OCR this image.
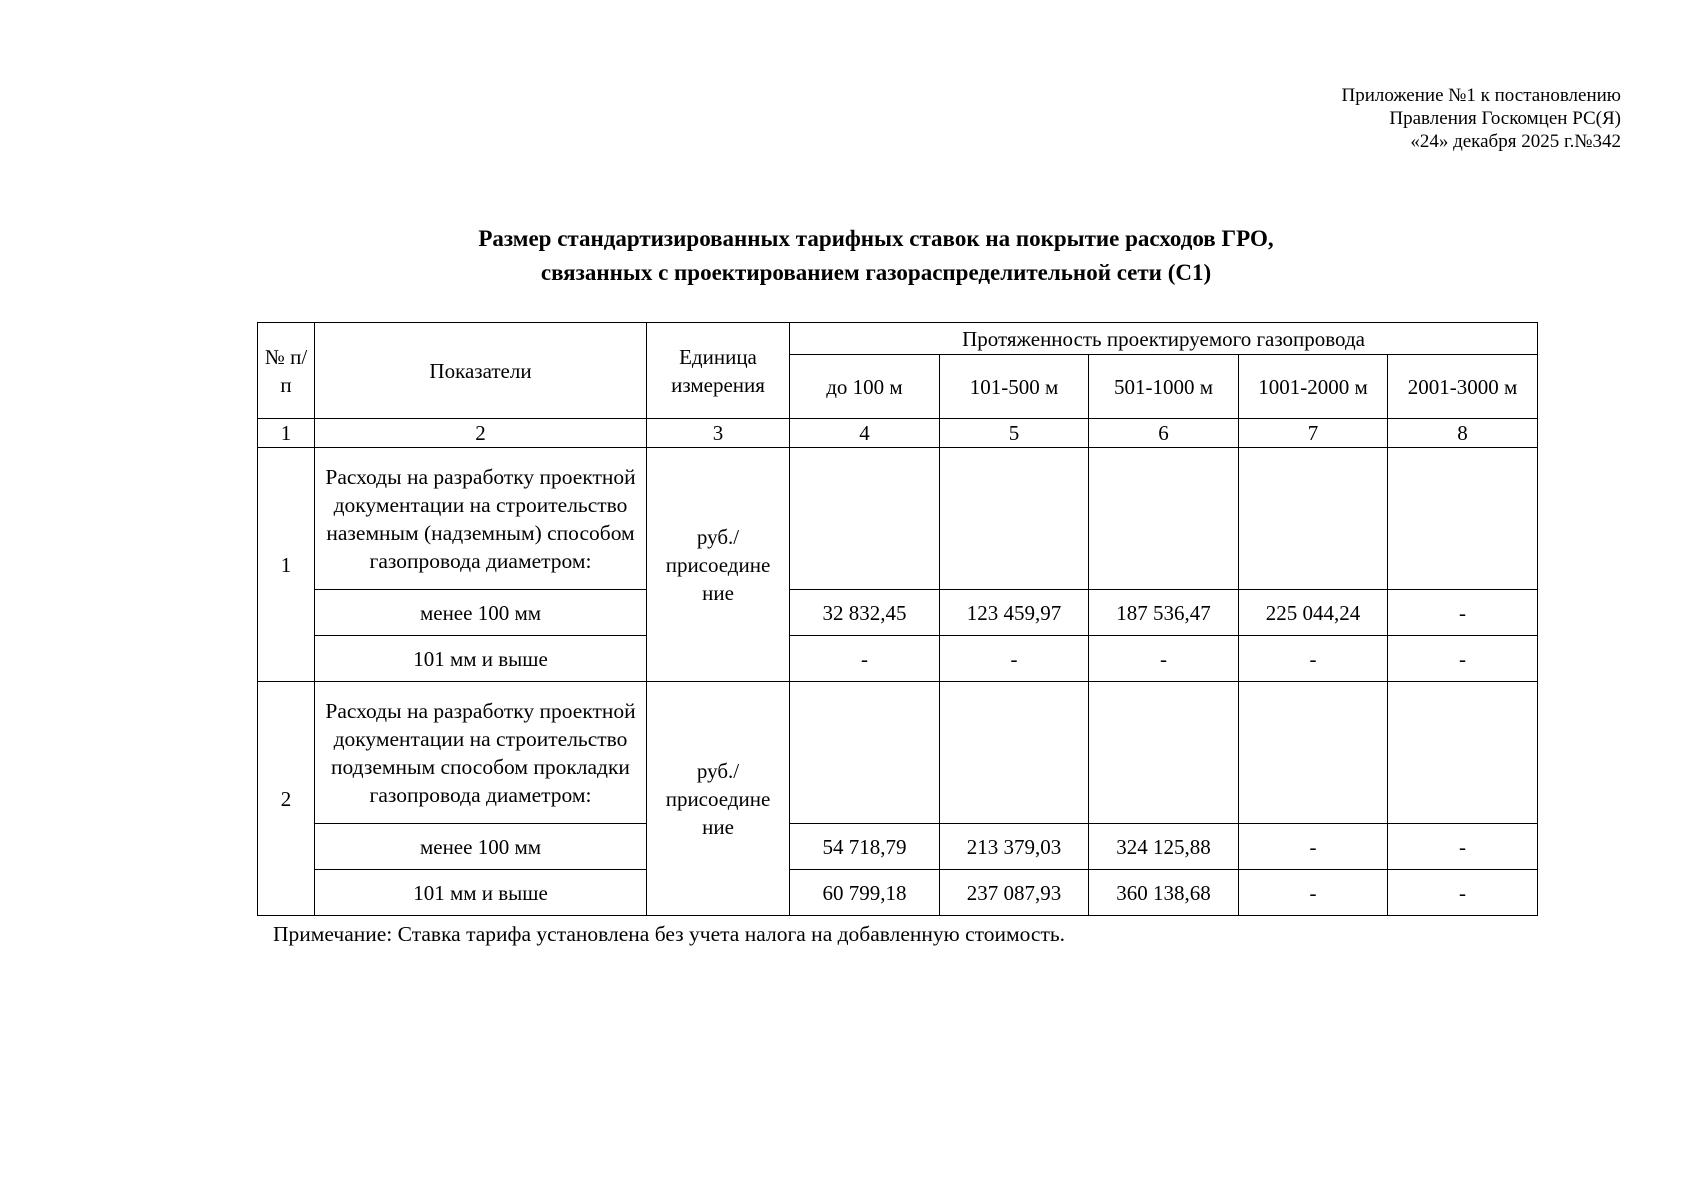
Приложение №1 к постановлению
Правления Госкомцен РС(Я)
«24» декабря 2025 г.№342
Размер стандартизированных тарифных ставок на покрытие расходов ГРО,
связанных с проектированием газораспределительной сети (С1)
№ п/п	Показатели	Единица измерения	Протяженность проектируемого газопровода				
			до 100 м	101-500 м	501-1000 м	1001-2000 м	2001-3000 м
1	2	3	4	5	6	7	8
1	Расходы на разработку проектной документации на строительство наземным (надземным) способом газопровода диаметром:	руб./ присоедине ние					
	менее 100 мм		32 832,45	123 459,97	187 536,47	225 044,24	-
	101 мм и выше		-	-	-	-	-
2	Расходы на разработку проектной документации на строительство подземным способом прокладки газопровода диаметром:	руб./ присоедине ние					
	менее 100 мм		54 718,79	213 379,03	324 125,88	-	-
	101 мм и выше		60 799,18	237 087,93	360 138,68	-	-
Примечание: Ставка тарифа установлена без учета налога на добавленную стоимость.
